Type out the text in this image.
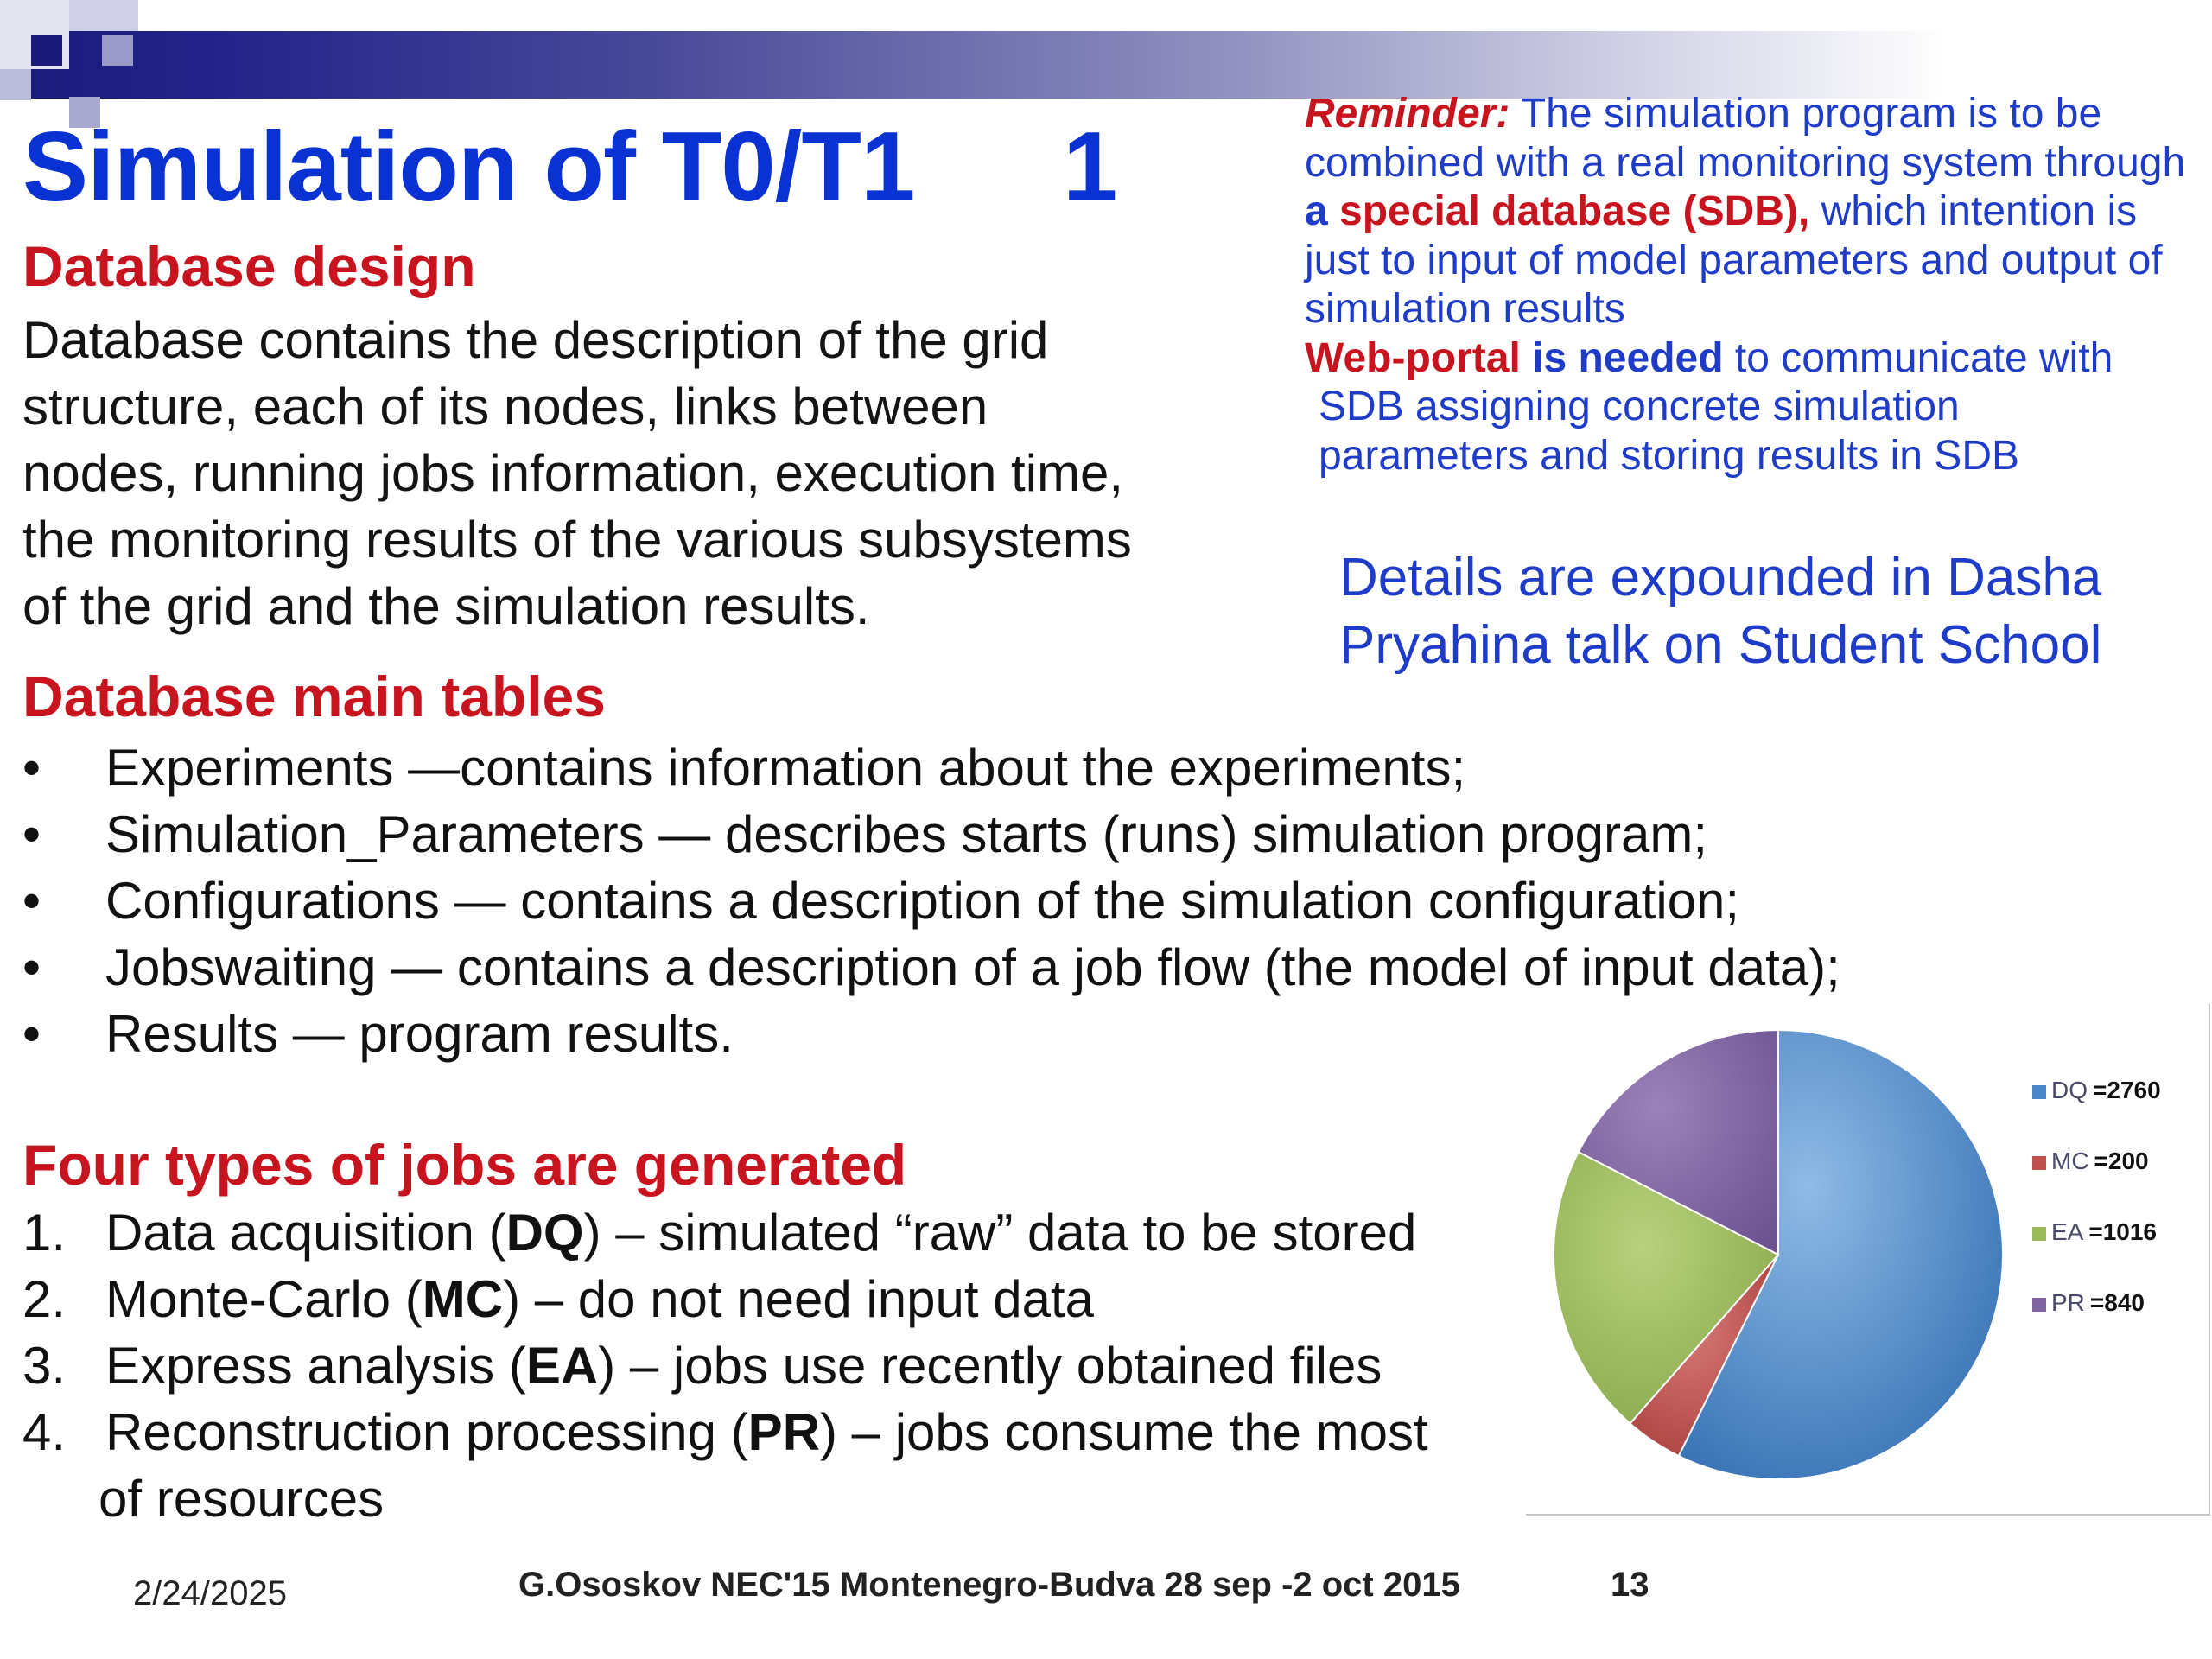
Simulation of T0/T1 1
Database design
Database contains the description of the grid
structure, each of its nodes, links between
nodes, running jobs information, execution time,
the monitoring results of the various subsystems
of the grid and the simulation results.
Reminder: The simulation program is to be combined with a real monitoring system through a special database (SDB), which intention is just to input of model parameters and output of simulation results
Web-portal is needed to communicate with
SDB assigning concrete simulation parameters and storing results in SDB
Details are expounded in Dasha Pryahina talk on Student School
Database main tables
• Experiments —contains information about the experiments;
• Simulation_Parameters — describes starts (runs) simulation program;
• Configurations — contains a description of the simulation configuration;
• Jobswaiting — contains a description of a job flow (the model of input data);
• Results — program results.
Four types of jobs are generated
1. Data acquisition (DQ) – simulated “raw” data to be stored
2. Monte-Carlo (MC) – do not need input data
3. Express analysis (EA) – jobs use recently obtained files
4. Reconstruction processing (PR) – jobs consume the most
of resources
DQ =2760
MC =200
EA =1016
PR =840
2/24/2025	G.Ososkov NEC'15 Montenegro-Budva 28 sep -2 oct 2015	13
